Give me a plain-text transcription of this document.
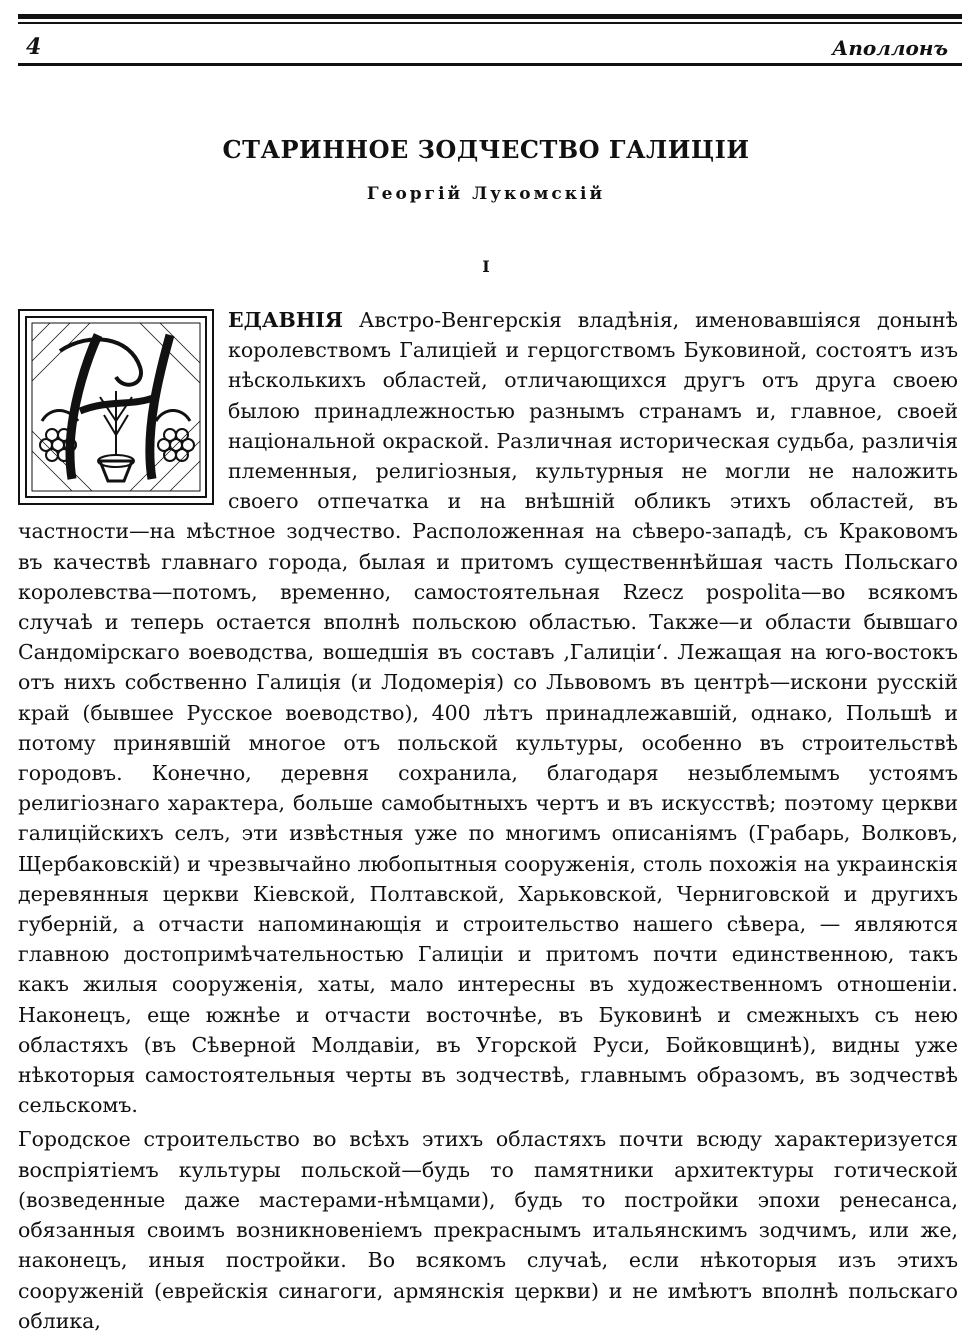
4	Аполлонъ
СТАРИННОЕ ЗОДЧЕСТВО ГАЛИЦІИ
Георгій Лукомскій
I

ЕДАВНІЯ Австро-Венгерскія владѣнія, именовавшіяся донынѣ королевствомъ Галиціей и герцогствомъ Буковиной, состоятъ изъ нѣсколькихъ областей, отличающихся другъ отъ друга своею былою принадлежностью разнымъ странамъ и, главное, своей національной окраской. Различная историческая судьба, различія племенныя, религіозныя, культурныя не могли не наложить своего отпечатка и на внѣшній обликъ этихъ областей, въ частности—на мѣстное зодчество. Расположенная на сѣверо-западѣ, съ Краковомъ въ качествѣ главнаго города, былая и притомъ существеннѣйшая часть Польскаго королевства—потомъ, временно, самостоятельная Rzecz pospolita—во всякомъ случаѣ и теперь остается вполнѣ польскою областью. Также—и области бывшаго Сандомірскаго воеводства, вошедшія въ составъ ‚Галиціи‘. Лежащая на юго-востокъ отъ нихъ собственно Галиція (и Лодомерія) со Львовомъ въ центрѣ—искони русскій край (бывшее Русское воеводство), 400 лѣтъ принадлежавшій, однако, Польшѣ и потому принявшій многое отъ польской культуры, особенно въ строительствѣ городовъ. Конечно, деревня сохранила, благодаря незыблемымъ устоямъ религіознаго характера, больше самобытныхъ чертъ и въ искусствѣ; поэтому церкви галиційскихъ селъ, эти извѣстныя уже по многимъ описаніямъ (Грабарь, Волковъ, Щербаковскій) и чрезвычайно любопытныя сооруженія, столь похожія на украинскія деревянныя церкви Кіевской, Полтавской, Харьковской, Черниговской и другихъ губерній, а отчасти напоминающія и строительство нашего сѣвера, — являются главною достопримѣчательностью Галиціи и притомъ почти единственною, такъ какъ жилыя сооруженія, хаты, мало интересны въ художественномъ отношеніи. Наконецъ, еще южнѣе и отчасти восточнѣе, въ Буковинѣ и смежныхъ съ нею областяхъ (въ Сѣверной Молдавіи, въ Угорской Руси, Бойковщинѣ), видны уже нѣкоторыя самостоятельныя черты въ зодчествѣ, главнымъ образомъ, въ зодчествѣ сельскомъ.

Городское строительство во всѣхъ этихъ областяхъ почти всюду характеризуется воспріятіемъ культуры польской—будь то памятники архитектуры готической (возведенные даже мастерами-нѣмцами), будь то постройки эпохи ренесанса, обязанныя своимъ возникновеніемъ прекраснымъ итальянскимъ зодчимъ, или же, наконецъ, иныя постройки. Во всякомъ случаѣ, если нѣкоторыя изъ этихъ сооруженій (еврейскія синагоги, армянскія церкви) и не имѣютъ вполнѣ польскаго облика,
